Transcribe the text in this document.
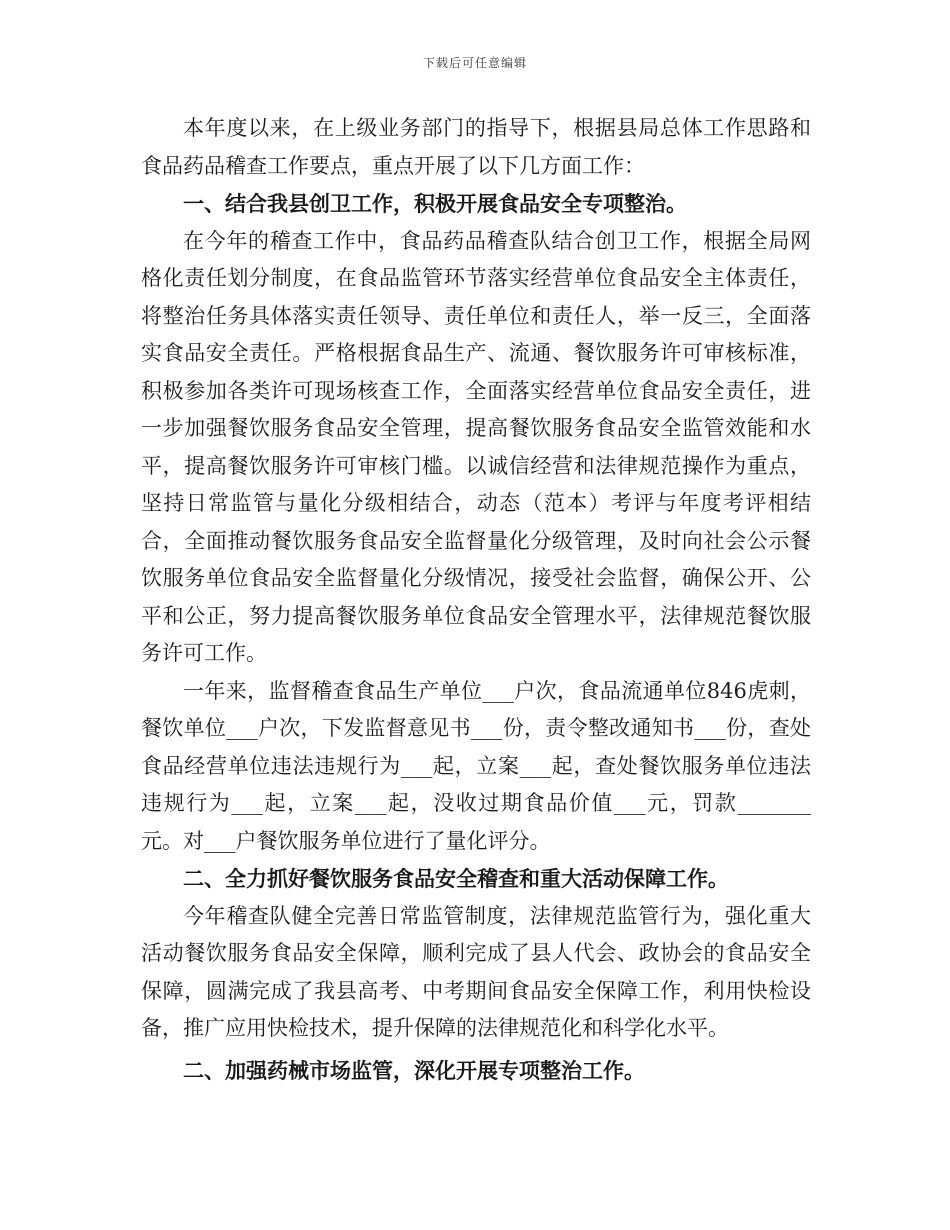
下载后可任意编辑

本年度以来，在上级业务部门的指导下，根据县局总体工作思路和食品药品稽查工作要点，重点开展了以下几方面工作：

一、结合我县创卫工作，积极开展食品安全专项整治。

在今年的稽查工作中，食品药品稽查队结合创卫工作，根据全局网格化责任划分制度，在食品监管环节落实经营单位食品安全主体责任，将整治任务具体落实责任领导、责任单位和责任人，举一反三，全面落实食品安全责任。严格根据食品生产、流通、餐饮服务许可审核标准，积极参加各类许可现场核查工作，全面落实经营单位食品安全责任，进一步加强餐饮服务食品安全管理，提高餐饮服务食品安全监管效能和水平，提高餐饮服务许可审核门槛。以诚信经营和法律规范操作为重点，坚持日常监管与量化分级相结合，动态（范本）考评与年度考评相结合，全面推动餐饮服务食品安全监督量化分级管理，及时向社会公示餐饮服务单位食品安全监督量化分级情况，接受社会监督，确保公开、公平和公正，努力提高餐饮服务单位食品安全管理水平，法律规范餐饮服务许可工作。

一年来，监督稽查食品生产单位___户次，食品流通单位846虎刺，餐饮单位___户次，下发监督意见书___份，责令整改通知书___份，查处食品经营单位违法违规行为___起，立案___起，查处餐饮服务单位违法违规行为___起，立案___起，没收过期食品价值___元，罚款_______元。对___户餐饮服务单位进行了量化评分。

二、全力抓好餐饮服务食品安全稽查和重大活动保障工作。

今年稽查队健全完善日常监管制度，法律规范监管行为，强化重大活动餐饮服务食品安全保障，顺利完成了县人代会、政协会的食品安全保障，圆满完成了我县高考、中考期间食品安全保障工作，利用快检设备，推广应用快检技术，提升保障的法律规范化和科学化水平。

二、加强药械市场监管，深化开展专项整治工作。
